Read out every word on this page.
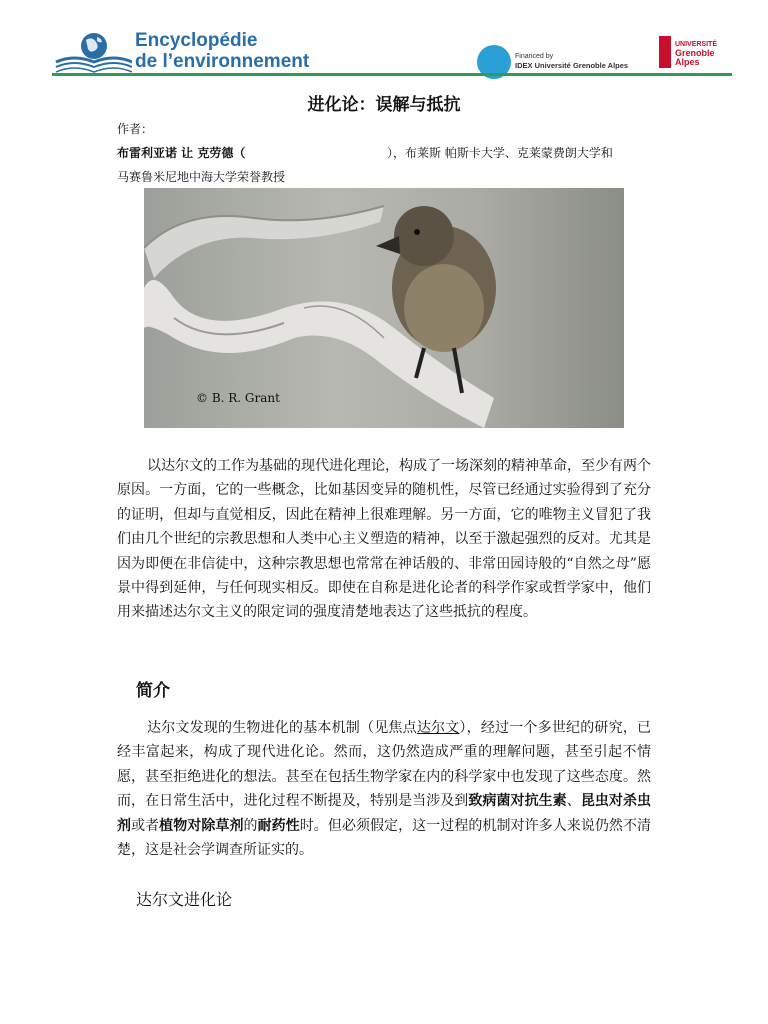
Encyclopédie
de l’environnement	Financed by
IDEX Université Grenoble Alpes
UNIVERSITÉ
Grenoble
Alpes
进化论：误解与抵抗
作者：
布雷利亚诺 让 克劳德（	），布莱斯 帕斯卡大学、克莱蒙费朗大学和
马赛鲁米尼地中海大学荣誉教授
© B. R. Grant
以达尔文的工作为基础的现代进化理论，构成了一场深刻的精神革命，至少有两个原因。一方面，它的一些概念，比如基因变异的随机性，尽管已经通过实验得到了充分的证明，但却与直觉相反，因此在精神上很难理解。另一方面，它的唯物主义冒犯了我们由几个世纪的宗教思想和人类中心主义塑造的精神，以至于激起强烈的反对。尤其是因为即便在非信徒中，这种宗教思想也常常在神话般的、非常田园诗般的“自然之母”愿景中得到延伸，与任何现实相反。即使在自称是进化论者的科学作家或哲学家中，他们用来描述达尔文主义的限定词的强度清楚地表达了这些抵抗的程度。
简介
达尔文发现的生物进化的基本机制（见焦点达尔文），经过一个多世纪的研究，已经丰富起来，构成了现代进化论。然而，这仍然造成严重的理解问题，甚至引起不情愿，甚至拒绝进化的想法。甚至在包括生物学家在内的科学家中也发现了这些态度。然而，在日常生活中，进化过程不断提及，特别是当涉及到致病菌对抗生素、昆虫对杀虫剂或者植物对除草剂的耐药性时。但必须假定，这一过程的机制对许多人来说仍然不清楚，这是社会学调查所证实的。
达尔文进化论
